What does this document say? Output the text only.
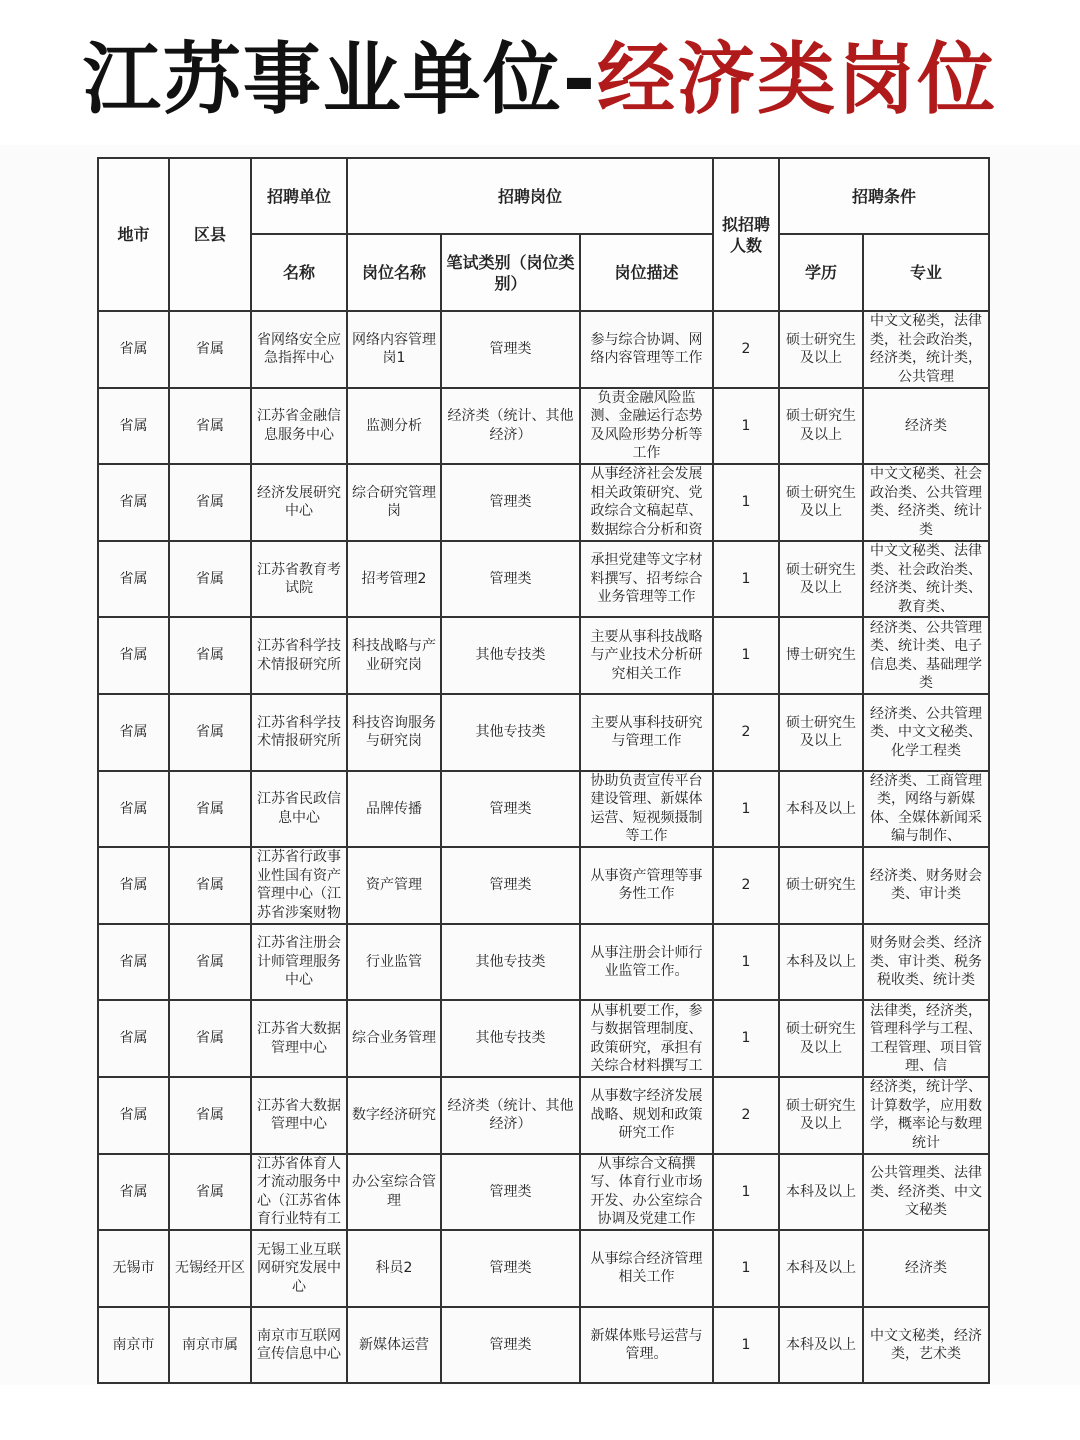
江苏事业单位-经济类岗位
地市	区县	招聘单位	招聘岗位			拟招聘人数	招聘条件	
		名称	岗位名称	笔试类别（岗位类别）	岗位描述		学历	专业

省属	省属	省网络安全应急指挥中心	网络内容管理岗1	管理类	参与综合协调、网络内容管理等工作	2	硕士研究生及以上	中文文秘类，法律类，社会政治类，经济类，统计类，公共管理

省属	省属	江苏省金融信息服务中心	监测分析	经济类（统计、其他经济）	负责金融风险监测、金融运行态势及风险形势分析等工作	1	硕士研究生及以上	经济类

省属	省属	经济发展研究中心	综合研究管理岗	管理类	从事经济社会发展相关政策研究、党政综合文稿起草、数据综合分析和资	1	硕士研究生及以上	中文文秘类、社会政治类、公共管理类、经济类、统计类

省属	省属	江苏省教育考试院	招考管理2	管理类	承担党建等文字材料撰写、招考综合业务管理等工作	1	硕士研究生及以上	中文文秘类、法律类、社会政治类、经济类、统计类、教育类、

省属	省属	江苏省科学技术情报研究所	科技战略与产业研究岗	其他专技类	主要从事科技战略与产业技术分析研究相关工作	1	博士研究生	经济类、公共管理类、统计类、电子信息类、基础理学类

省属	省属	江苏省科学技术情报研究所	科技咨询服务与研究岗	其他专技类	主要从事科技研究与管理工作	2	硕士研究生及以上	经济类、公共管理类、中文文秘类、化学工程类

省属	省属	江苏省民政信息中心	品牌传播	管理类	协助负责宣传平台建设管理、新媒体运营、短视频摄制等工作	1	本科及以上	经济类、工商管理类，网络与新媒体、全媒体新闻采编与制作、

省属	省属	江苏省行政事业性国有资产管理中心（江苏省涉案财物	资产管理	管理类	从事资产管理等事务性工作	2	硕士研究生	经济类、财务财会类、审计类

省属	省属	江苏省注册会计师管理服务中心	行业监管	其他专技类	从事注册会计师行业监管工作。	1	本科及以上	财务财会类、经济类、审计类、税务税收类、统计类

省属	省属	江苏省大数据管理中心	综合业务管理	其他专技类	从事机要工作，参与数据管理制度、政策研究，承担有关综合材料撰写工	1	硕士研究生及以上	法律类，经济类，管理科学与工程、工程管理、项目管理、信

省属	省属	江苏省大数据管理中心	数字经济研究	经济类（统计、其他经济）	从事数字经济发展战略、规划和政策研究工作	2	硕士研究生及以上	经济类，统计学、计算数学，应用数学，概率论与数理统计

省属	省属	江苏省体育人才流动服务中心（江苏省体育行业特有工	办公室综合管理	管理类	从事综合文稿撰写、体育行业市场开发、办公室综合协调及党建工作	1	本科及以上	公共管理类、法律类、经济类、中文文秘类

无锡市	无锡经开区	无锡工业互联网研究发展中心	科员2	管理类	从事综合经济管理相关工作	1	本科及以上	经济类

南京市	南京市属	南京市互联网宣传信息中心	新媒体运营	管理类	新媒体账号运营与管理。	1	本科及以上	中文文秘类，经济类，艺术类
